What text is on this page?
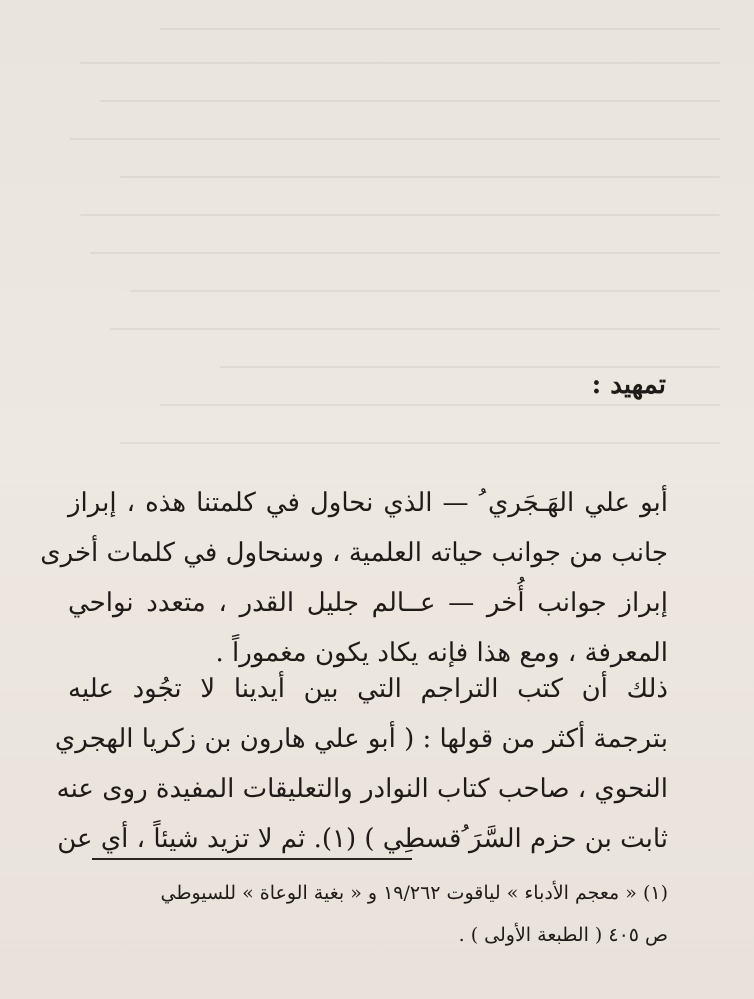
تمهيد :
أبو علي الهَـجَري ُ — الذي نحاول في كلمتنا هذه ، إبراز
جانب من جوانب حياته العلمية ، وسنحاول في كلمات أخرى
إبراز جوانب أُخر — عــالم جليل القدر ، متعدد نواحي
المعرفة ، ومع هذا فإنه يكاد يكون مغموراً .
ذلك أن كتب التراجم التي بين أيدينا لا تجُود عليه
بترجمة أكثر من قولها : ( أبو علي هارون بن زكريا الهجري
النحوي ، صاحب كتاب النوادر والتعليقات المفيدة روى عنه
ثابت بن حزم السَّرَ ُقسطِي ) (١). ثم لا تزيد شيئاً ، أي عن
(١) « معجم الأدباء » لياقوت ١٩/٢٦٢ و « بغية الوعاة » للسيوطي
ص ٤٠٥ ( الطبعة الأولى ) .
